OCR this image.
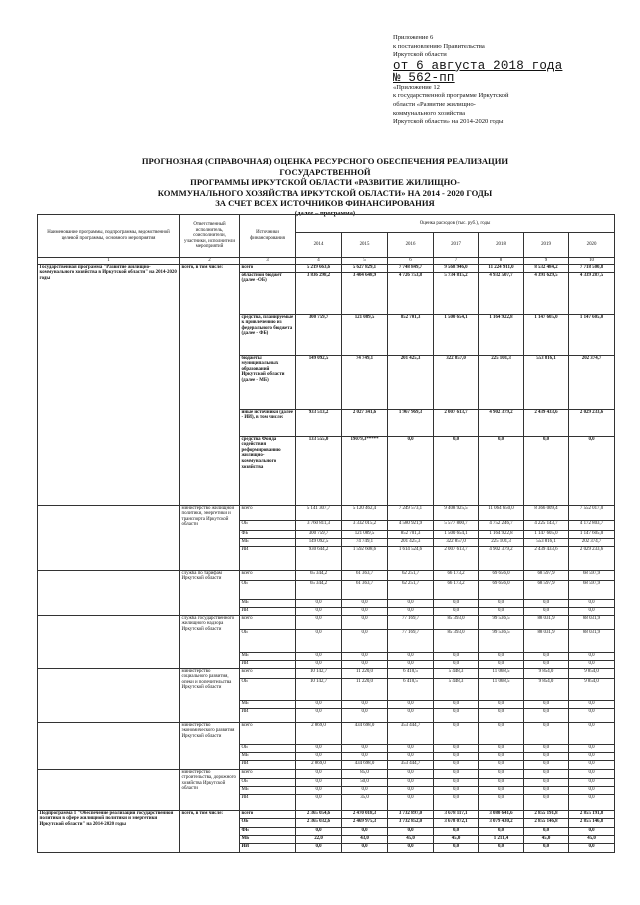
Приложение 6
к постановлению Правительства
Иркутской области
от 6 августа 2018 года
№ 562-пп
«Приложение 12
к государственной программе Иркутской
области «Развитие жилищно-
коммунального хозяйства
Иркутской области» на 2014-2020 годы
ПРОГНОЗНАЯ (СПРАВОЧНАЯ) ОЦЕНКА РЕСУРСНОГО ОБЕСПЕЧЕНИЯ РЕАЛИЗАЦИИ ГОСУДАРСТВЕННОЙ
ПРОГРАММЫ ИРКУТСКОЙ ОБЛАСТИ «РАЗВИТИЕ ЖИЛИЩНО-
КОММУНАЛЬНОГО ХОЗЯЙСТВА ИРКУТСКОЙ ОБЛАСТИ» НА 2014 - 2020 ГОДЫ
ЗА СЧЕТ ВСЕХ ИСТОЧНИКОВ ФИНАНСИРОВАНИЯ
(далее – программа)
Наименование программы, подпрограммы, ведомственной целевой программы, основного мероприятия	Ответственный исполнитель, соисполнители, участники, исполнители мероприятий	Источники финансирования	Оценка расходов (тыс. руб.), годы						
			2014	2015	2016	2017	2018	2019	2020
1	2	3	4	5	6	7	8	9	10
Государственная программа "Развитие жилищно-коммунального хозяйства в Иркутской области" на 2014-2020 годы	всего, в том числе:	всего	5 219 663,6	5 627 829,1	7 748 849,7	9 568 946,0	11 224 911,0	8 532 484,2	7 718 500,8
		областной бюджет (далее -ОБ)	3 836 298,2	3 404 648,9	4 726 753,8	5 734 815,2	4 932 507,7	4 391 629,5	4 339 287,5
		средства, планируемые к привлечению из федерального бюджета (далее - ФБ)	300 759,7	121 089,5	852 701,3	1 500 654,1	1 164 922,8	1 147 605,0	1 147 605,0
		бюджеты муниципальных образований Иркутской области (далее - МБ)	149 092,5	74 749,1	201 425,3	322 857,0	225 101,3	553 816,1	202 374,7
		иные источники (далее - ИИ), в том числе:	933 513,2	2 027 341,6	1 967 969,3	2 007 613,7	4 902 379,2	2 439 433,6	2 029 233,6
		средства Фонда содействия реформированию жилищно-коммунального хозяйства	133 555,0	19079,3*****	0,0	0,0	0,0	0,0	0,0
	министерство жилищной политики, энергетики и транспорта Иркутской области	всего	5 141 307,7	5 120 462,4	7 249 573,1	9 408 925,5	11 064 650,0	8 366 009,4	7 552 017,0
		ОБ	3 760 811,3	3 332 015,2	4 580 921,9	5 577 800,7	4 752 246,7	4 225 143,7	4 172 803,7
		ФБ	300 759,7	121 089,5	852 701,3	1 500 654,1	1 164 922,8	1 147 605,0	1 147 605,0
		МБ	149 092,5	74 749,1	201 425,3	322 857,0	225 101,3	553 816,1	202 374,7
		ИИ	930 644,2	1 592 608,6	1 614 524,6	2 007 613,7	4 902 379,2	2 439 433,6	2 029 233,6
	служба по тарифам Иркутской области	всего	65 344,2	61 363,7	62 251,7	66 173,2	69 656,0	68 597,9	68 597,9
		ОБ	65 344,2	61 363,7	62 251,7	66 173,2	69 656,0	68 597,9	68 597,9
		МБ	0,0	0,0	0,0	0,0	0,0	0,0	0,0
		ИИ	0,0	0,0	0,0	0,0	0,0	0,0	0,0
	служба государственного жилищного надзора Иркутской области	всего	0,0	0,0	77 169,7	85 393,0	99 536,5	88 031,9	88 031,9
		ОБ	0,0	0,0	77 169,7	85 393,0	99 536,5	88 031,9	88 031,9
		МБ	0,0	0,0	0,0	0,0	0,0	0,0	0,0
		ИИ	0,0	0,0	0,0	0,0	0,0	0,0	0,0
	министерство социального развития, опеки и попечительства Иркутской области	всего	10 142,7	11 220,0	6 410,5	5 448,3	11 068,5	9 854,0	9 854,0
		ОБ	10 142,7	11 220,0	6 410,5	5 448,3	11 068,5	9 854,0	9 854,0
		МБ	0,0	0,0	0,0	0,0	0,0	0,0	0,0
		ИИ	0,0	0,0	0,0	0,0	0,0	0,0	0,0
	министерство экономического развития Иркутской области	всего	2 869,0	434 698,0	353 444,7	0,0	0,0	0,0	0,0
		ОБ	0,0	0,0	0,0	0,0	0,0	0,0	0,0
		МБ	0,0	0,0	0,0	0,0	0,0	0,0	0,0
		ИИ	2 869,0	434 698,0	353 444,7	0,0	0,0	0,0	0,0
	министерство строительства, дорожного хозяйства Иркутской области	всего	0,0	85,0	0,0	0,0	0,0	0,0	0,0
		ОБ	0,0	50,0	0,0	0,0	0,0	0,0	0,0
		МБ	0,0	0,0	0,0	0,0	0,0	0,0	0,0
		ИИ	0,0	35,0	0,0	0,0	0,0	0,0	0,0
Подпрограмма 1 "Обеспечение реализации государственной политики в сфере жилищной политики и энергетики Иркутской области" на 2014-2020 годы	всего, в том числе:	всего	2 365 054,6	2 470 018,3	3 732 897,0	3 678 117,1	3 080 641,6	2 855 191,8	2 855 191,8
		ОБ	2 365 032,6	2 469 975,3	3 732 852,0	3 678 072,1	3 079 430,2	2 855 146,8	2 855 146,8
		ФБ	0,0	0,0	0,0	0,0	0,0	0,0	0,0
		МБ	22,0	43,0	45,0	45,0	1 211,4	45,0	45,0
		ИИ	0,0	0,0	0,0	0,0	0,0	0,0	0,0
